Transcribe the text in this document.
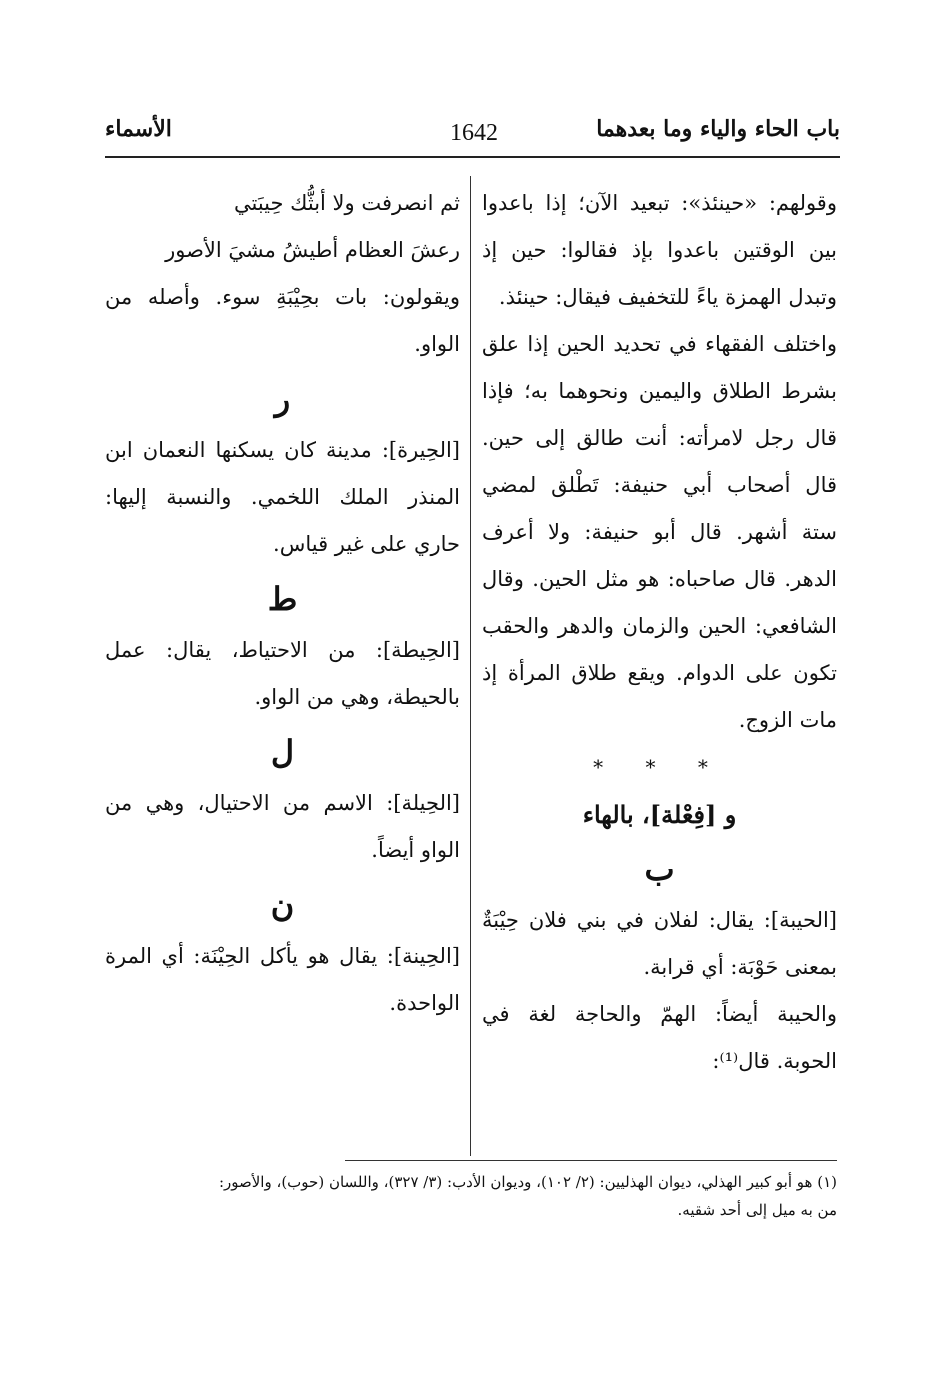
باب الحاء والياء وما بعدهما
1642
الأسماء

وقولهم: «حينئذ»: تبعيد الآن؛ إذا باعدوا بين الوقتين باعدوا بإذ فقالوا: حين إذ وتبدل الهمزة ياءً للتخفيف فيقال: حينئذ.

واختلف الفقهاء في تحديد الحين إذا علق بشرط الطلاق واليمين ونحوهما به؛ فإذا قال رجل لامرأته: أنت طالق إلى حين. قال أصحاب أبي حنيفة: تَطْلق لمضي ستة أشهر. قال أبو حنيفة: ولا أعرف الدهر. قال صاحباه: هو مثل الحين. وقال الشافعي: الحين والزمان والدهر والحقب تكون على الدوام. ويقع طلاق المرأة إذ مات الزوج.

* * *
و [فِعْلة]، بالهاء
ب

[الحيبة]: يقال: لفلان في بني فلان حِيْبَةٌ بمعنى حَوْبَة: أي قرابة.

والحيبة أيضاً: الهمّ والحاجة لغة في الحوبة. قال⁽¹⁾:

ثم انصرفت ولا أبثُّك حِيبَتي

رعشَ العظام أطيشُ مشيَ الأصور

ويقولون: بات بحِيْبَةِ سوء. وأصله من الواو.

ر

[الحِيرة]: مدينة كان يسكنها النعمان ابن المنذر الملك اللخمي. والنسبة إليها: حاري على غير قياس.

ط

[الحِيطة]: من الاحتياط، يقال: عمل بالحيطة، وهي من الواو.

ل

[الحِيلة]: الاسم من الاحتيال، وهي من الواو أيضاً.

ن

[الحِينة]: يقال هو يأكل الحِيْنَة: أي المرة الواحدة.

(١) هو أبو كبير الهذلي، ديوان الهذليين: (٢/ ١٠٢)، وديوان الأدب: (٣/ ٣٢٧)، واللسان (حوب)، والأصور:

من به ميل إلى أحد شقيه.
